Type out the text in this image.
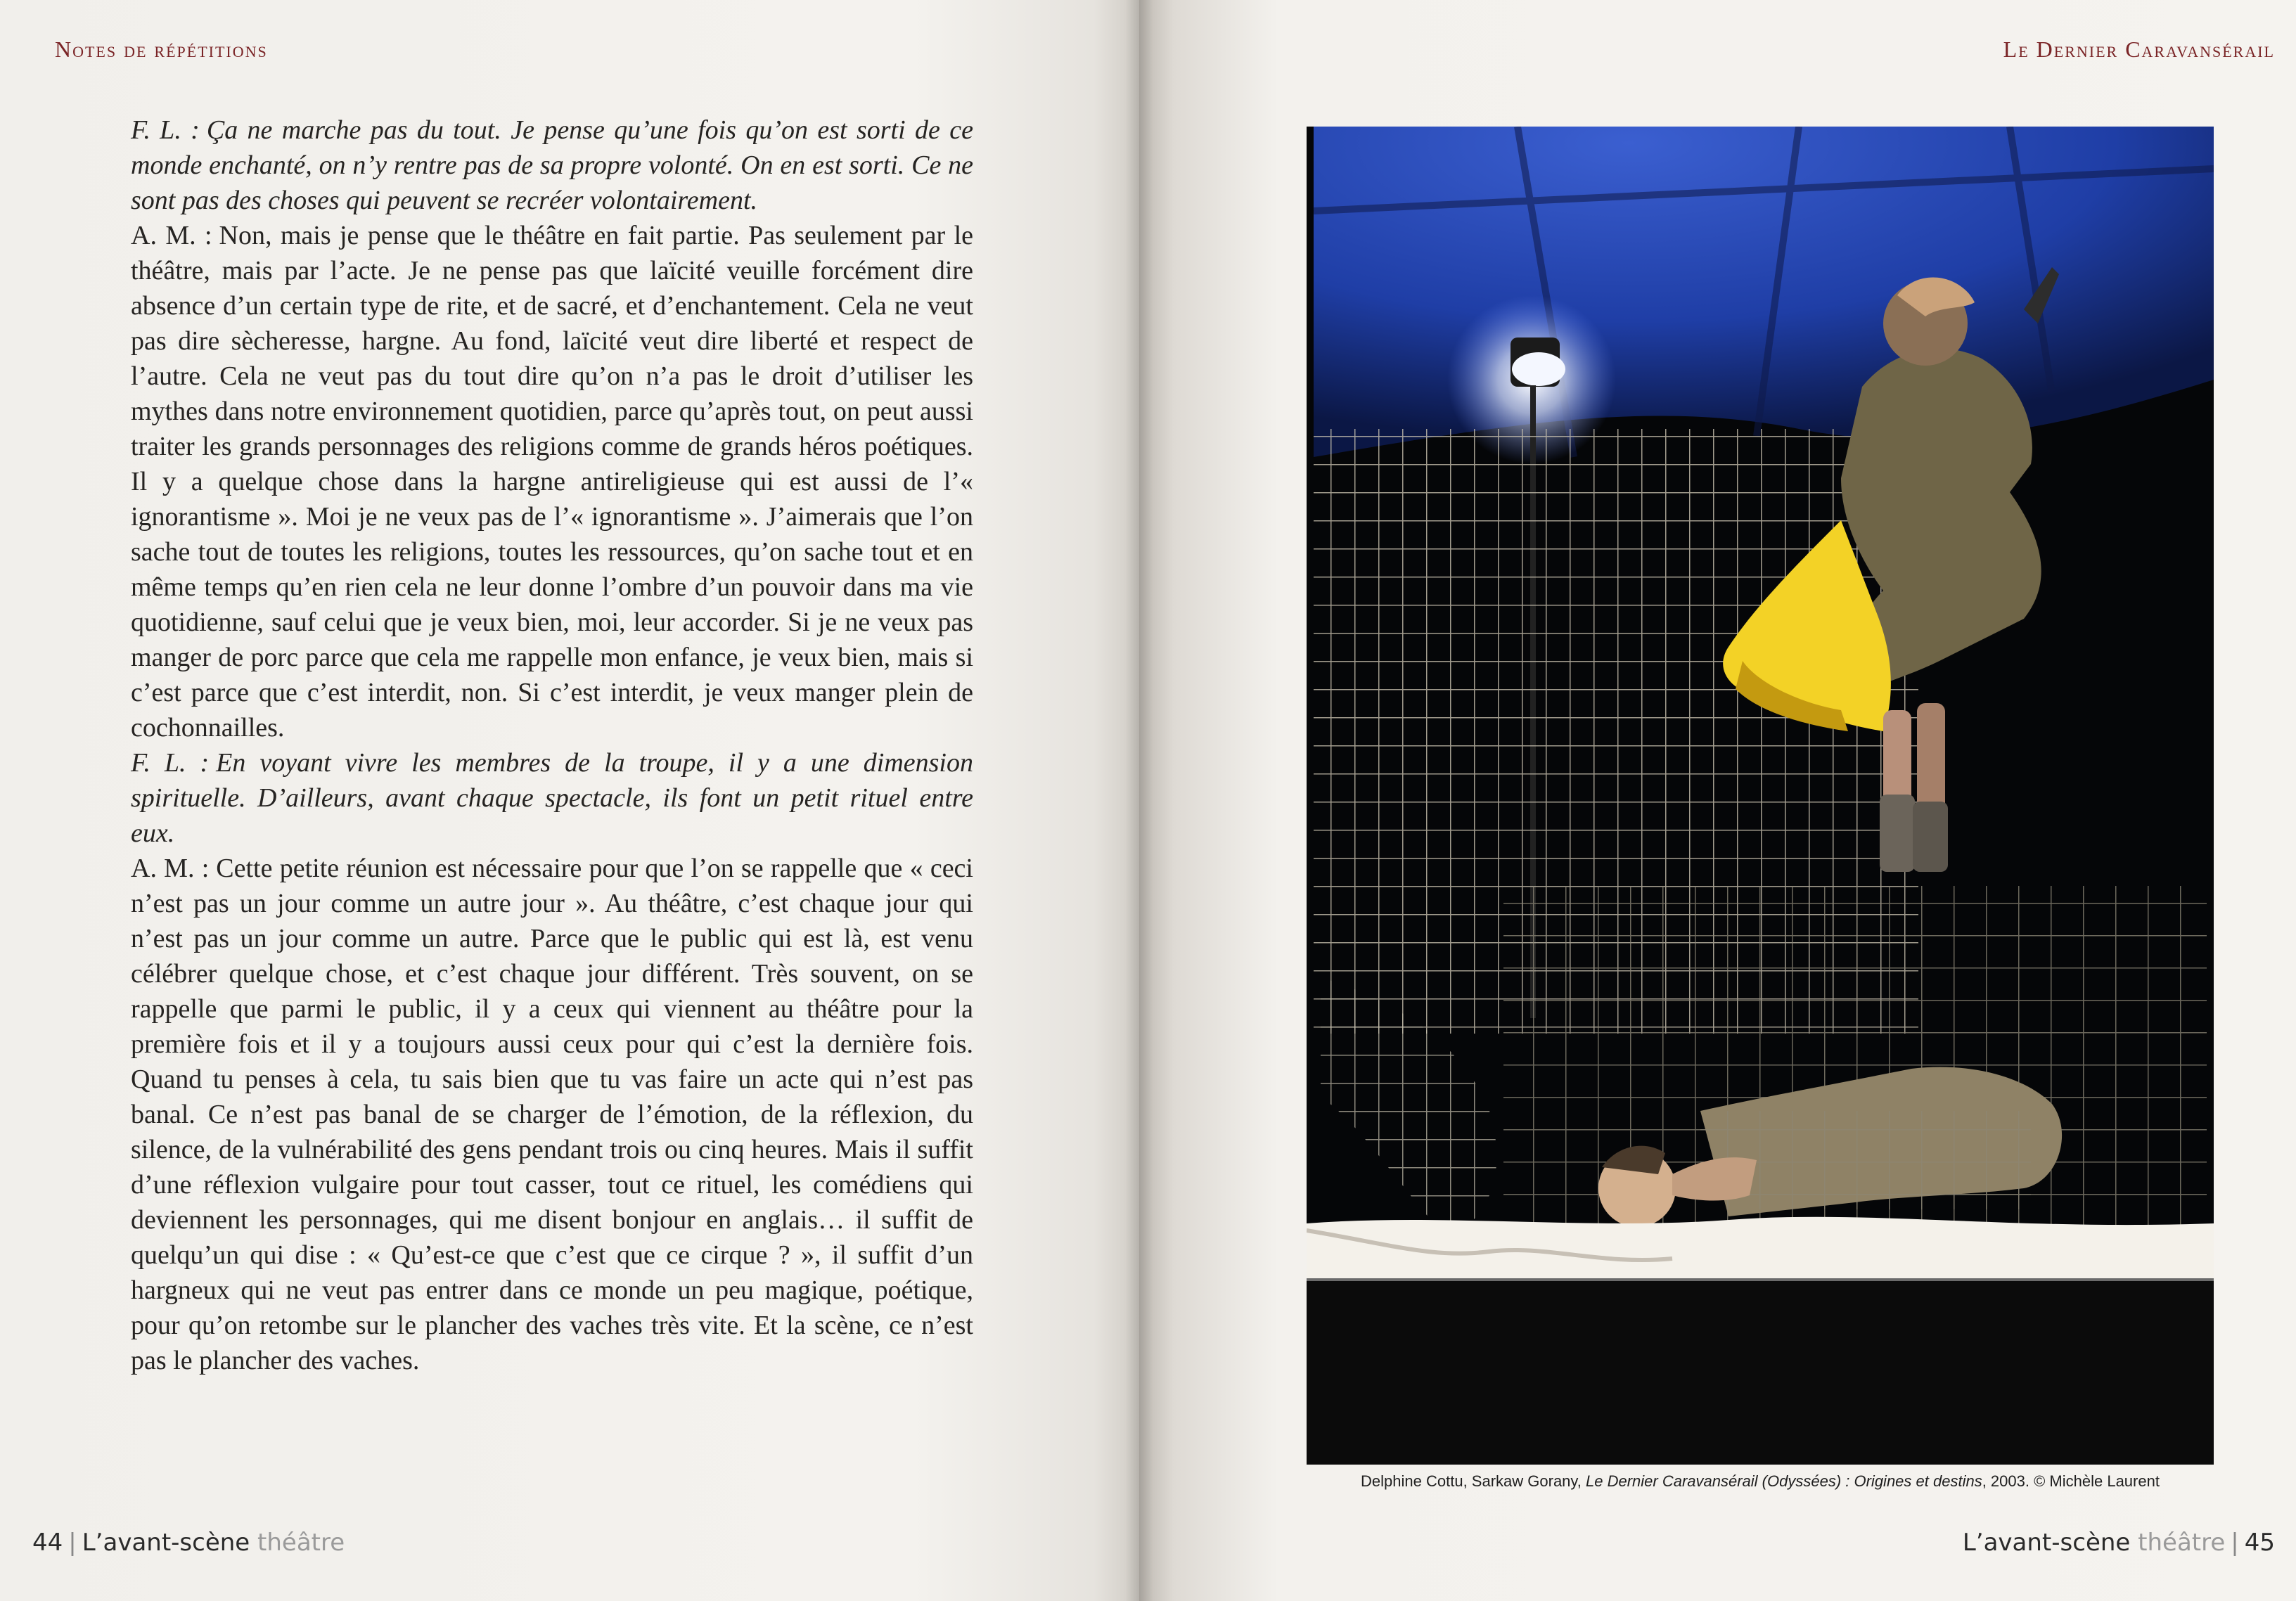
Notes de répétitions

F. L. : Ça ne marche pas du tout. Je pense qu’une fois qu’on est sorti de ce monde enchanté, on n’y rentre pas de sa propre volonté. On en est sorti. Ce ne sont pas des choses qui peuvent se recréer volontairement.

A. M. : Non, mais je pense que le théâtre en fait partie. Pas seulement par le théâtre, mais par l’acte. Je ne pense pas que laïcité veuille forcément dire absence d’un certain type de rite, et de sacré, et d’enchantement. Cela ne veut pas dire sècheresse, hargne. Au fond, laïcité veut dire liberté et respect de l’autre. Cela ne veut pas du tout dire qu’on n’a pas le droit d’utiliser les mythes dans notre environnement quotidien, parce qu’après tout, on peut aussi traiter les grands personnages des religions comme de grands héros poétiques. Il y a quelque chose dans la hargne antireligieuse qui est aussi de l’« ignorantisme ». Moi je ne veux pas de l’« ignorantisme ». J’aimerais que l’on sache tout de toutes les religions, toutes les ressources, qu’on sache tout et en même temps qu’en rien cela ne leur donne l’ombre d’un pouvoir dans ma vie quotidienne, sauf celui que je veux bien, moi, leur accorder. Si je ne veux pas manger de porc parce que cela me rappelle mon enfance, je veux bien, mais si c’est parce que c’est interdit, non. Si c’est interdit, je veux manger plein de cochonnailles.

F. L. : En voyant vivre les membres de la troupe, il y a une dimension spirituelle. D’ailleurs, avant chaque spectacle, ils font un petit rituel entre eux.

A. M. : Cette petite réunion est nécessaire pour que l’on se rappelle que « ceci n’est pas un jour comme un autre jour ». Au théâtre, c’est chaque jour qui n’est pas un jour comme un autre. Parce que le public qui est là, est venu célébrer quelque chose, et c’est chaque jour différent. Très souvent, on se rappelle que parmi le public, il y a ceux qui viennent au théâtre pour la première fois et il y a toujours aussi ceux pour qui c’est la dernière fois. Quand tu penses à cela, tu sais bien que tu vas faire un acte qui n’est pas banal. Ce n’est pas banal de se charger de l’émotion, de la réflexion, du silence, de la vulnérabilité des gens pendant trois ou cinq heures. Mais il suffit d’une réflexion vulgaire pour tout casser, tout ce rituel, les comédiens qui deviennent les personnages, qui me disent bonjour en anglais… il suffit de quelqu’un qui dise : « Qu’est-ce que c’est que ce cirque ? », il suffit d’un hargneux qui ne veut pas entrer dans ce monde un peu magique, poétique, pour qu’on retombe sur le plancher des vaches très vite. Et la scène, ce n’est pas le plancher des vaches.

44 | L’avant-scène théâtre
Le Dernier Caravansérail
Delphine Cottu, Sarkaw Gorany, Le Dernier Caravansérail (Odyssées) : Origines et destins, 2003. © Michèle Laurent
L’avant-scène théâtre | 45
